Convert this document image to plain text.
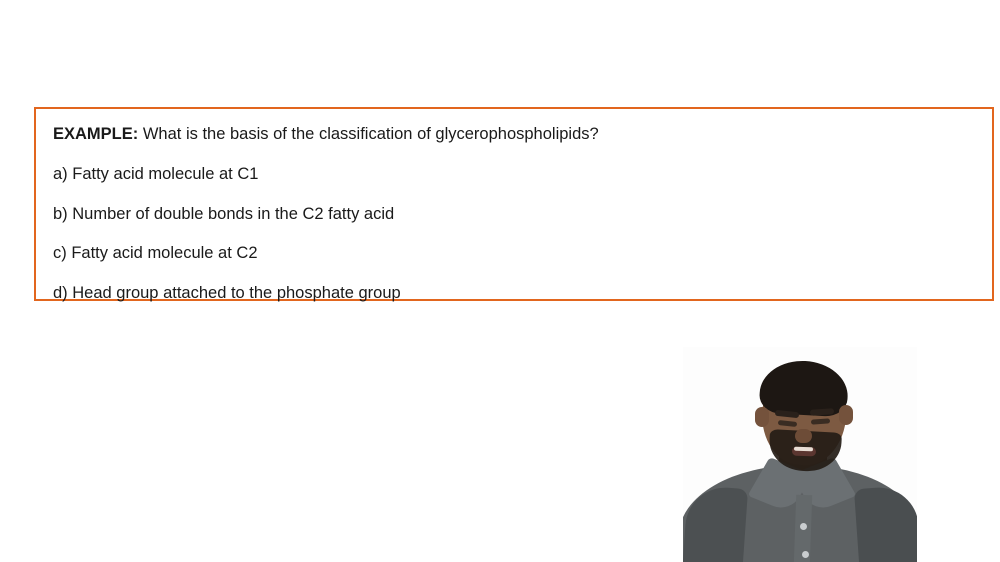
EXAMPLE: What is the basis of the classification of glycerophospholipids?

a) Fatty acid molecule at C1
b) Number of double bonds in the C2 fatty acid
c) Fatty acid molecule at C2
d) Head group attached to the phosphate group
